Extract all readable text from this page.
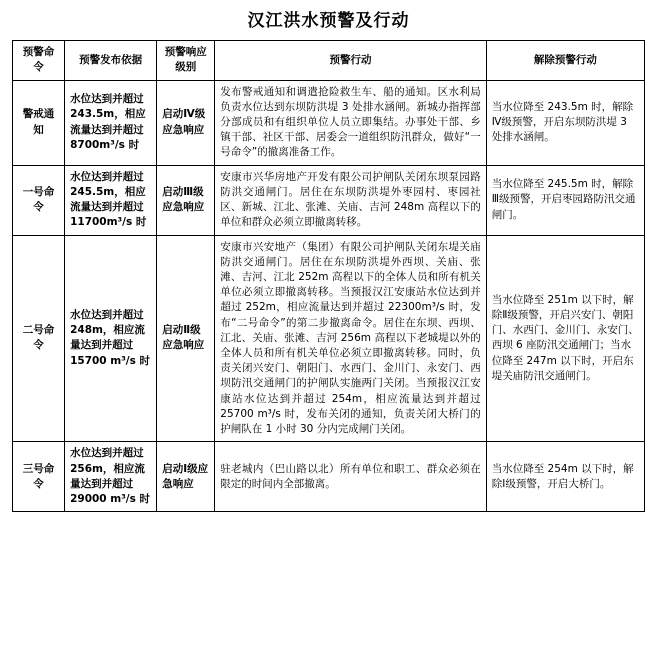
汉江洪水预警及行动
预警命令	预警发布依据	预警响应级别	预警行动	解除预警行动
警戒通知	水位达到并超过243.5m，相应流量达到并超过8700m³/s 时	启动Ⅳ级应急响应	发布警戒通知和调遣抢险救生车、船的通知。区水利局负责水位达到东坝防洪堤 3 处排水涵闸。新城办指挥部分部成员和有组织单位人员立即集结。办事处干部、乡镇干部、社区干部、居委会一道组织防汛群众，做好“一号命令”的撤离准备工作。	当水位降至 243.5m 时，解除Ⅳ级预警，开启东坝防洪堤 3 处排水涵闸。
一号命令	水位达到并超过245.5m，相应流量达到并超过11700m³/s 时	启动Ⅲ级应急响应	安康市兴华房地产开发有限公司护闸队关闭东坝泵园路防洪交通闸门。居住在东坝防洪堤外枣园村、枣园社区、新城、江北、张滩、关庙、吉河 248m 高程以下的单位和群众必须立即撤离转移。	当水位降至 245.5m 时，解除Ⅲ级预警，开启枣园路防汛交通闸门。
二号命令	水位达到并超过248m，相应流量达到并超过15700 m³/s 时	启动Ⅱ级应急响应	安康市兴安地产（集团）有限公司护闸队关闭东堤关庙防洪交通闸门。居住在东坝防洪堤外西坝、关庙、张滩、吉河、江北 252m 高程以下的全体人员和所有机关单位必须立即撤离转移。当预报汉江安康站水位达到并超过 252m，相应流量达到并超过 22300m³/s 时，发布“二号命令”的第二步撤离命令。居住在东坝、西坝、江北、关庙、张滩、吉河 256m 高程以下老城堤以外的全体人员和所有机关单位必须立即撤离转移。同时，负责关闭兴安门、朝阳门、水西门、金川门、永安门、西坝防汛交通闸门的护闸队实施两门关闭。当预报汉江安康站水位达到并超过 254m，相应流量达到并超过 25700 m³/s 时，发布关闭的通知，负责关闭大桥门的护闸队在 1 小时 30 分内完成闸门关闭。	当水位降至 251m 以下时，解除Ⅱ级预警，开启兴安门、朝阳门、水西门、金川门、永安门、西坝 6 座防汛交通闸门；当水位降至 247m 以下时，开启东堤关庙防汛交通闸门。
三号命令	水位达到并超过256m，相应流量达到并超过29000 m³/s 时	启动Ⅰ级应急响应	驻老城内（巴山路以北）所有单位和职工、群众必须在限定的时间内全部撤离。	当水位降至 254m 以下时，解除Ⅰ级预警，开启大桥门。
